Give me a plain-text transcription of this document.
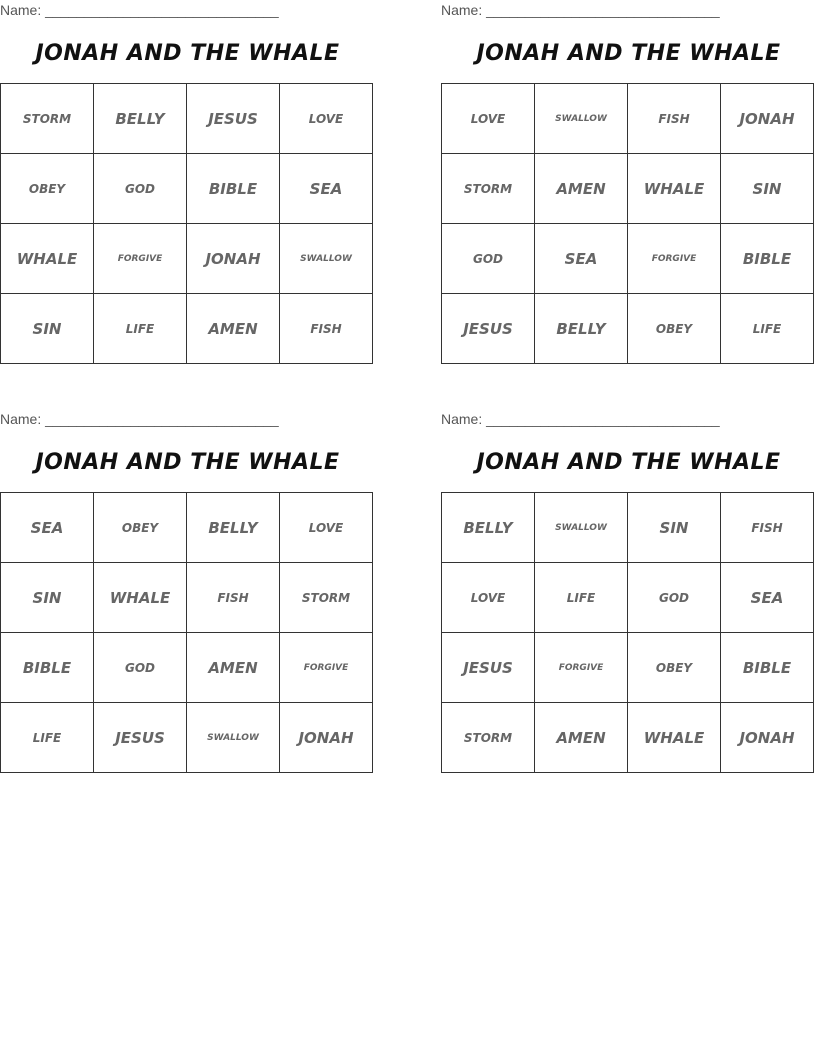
Name: ______________________________
JONAH AND THE WHALE
STORM	BELLY	JESUS	LOVE
OBEY	GOD	BIBLE	SEA
WHALE	FORGIVE	JONAH	SWALLOW
SIN	LIFE	AMEN	FISH
Name: ______________________________
JONAH AND THE WHALE
LOVE	SWALLOW	FISH	JONAH
STORM	AMEN	WHALE	SIN
GOD	SEA	FORGIVE	BIBLE
JESUS	BELLY	OBEY	LIFE
Name: ______________________________
JONAH AND THE WHALE
SEA	OBEY	BELLY	LOVE
SIN	WHALE	FISH	STORM
BIBLE	GOD	AMEN	FORGIVE
LIFE	JESUS	SWALLOW	JONAH
Name: ______________________________
JONAH AND THE WHALE
BELLY	SWALLOW	SIN	FISH
LOVE	LIFE	GOD	SEA
JESUS	FORGIVE	OBEY	BIBLE
STORM	AMEN	WHALE	JONAH
